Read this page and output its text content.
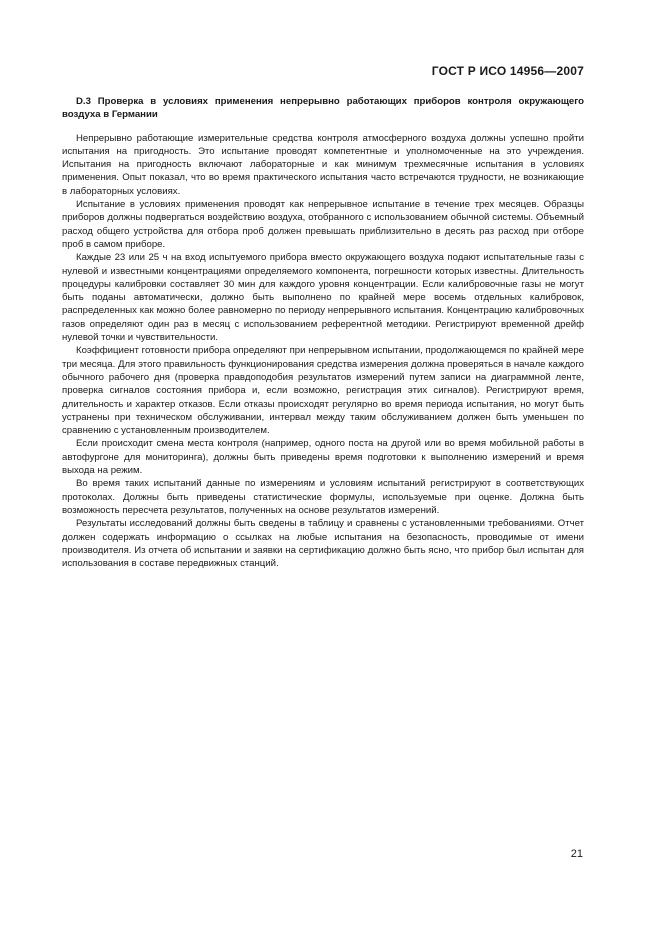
ГОСТ Р ИСО 14956—2007

D.3 Проверка в условиях применения непрерывно работающих приборов контроля окружающего воздуха в Германии

Непрерывно работающие измерительные средства контроля атмосферного воздуха должны успешно пройти испытания на пригодность. Это испытание проводят компетентные и уполномоченные на это учреждения. Испытания на пригодность включают лабораторные и как минимум трехмесячные испытания в условиях применения. Опыт показал, что во время практического испытания часто встречаются трудности, не возникающие в лабораторных условиях.

Испытание в условиях применения проводят как непрерывное испытание в течение трех месяцев. Образцы приборов должны подвергаться воздействию воздуха, отобранного с использованием обычной системы. Объемный расход общего устройства для отбора проб должен превышать приблизительно в десять раз расход при отборе проб в самом приборе.

Каждые 23 или 25 ч на вход испытуемого прибора вместо окружающего воздуха подают испытательные газы с нулевой и известными концентрациями определяемого компонента, погрешности которых известны. Длительность процедуры калибровки составляет 30 мин для каждого уровня концентрации. Если калибровочные газы не могут быть поданы автоматически, должно быть выполнено по крайней мере восемь отдельных калибровок, распределенных как можно более равномерно по периоду непрерывного испытания. Концентрацию калибровочных газов определяют один раз в месяц с использованием референтной методики. Регистрируют временной дрейф нулевой точки и чувствительности.

Коэффициент готовности прибора определяют при непрерывном испытании, продолжающемся по крайней мере три месяца. Для этого правильность функционирования средства измерения должна проверяться в начале каждого обычного рабочего дня (проверка правдоподобия результатов измерений путем записи на диаграммной ленте, проверка сигналов состояния прибора и, если возможно, регистрация этих сигналов). Регистрируют время, длительность и характер отказов. Если отказы происходят регулярно во время периода испытания, но могут быть устранены при техническом обслуживании, интервал между таким обслуживанием должен быть уменьшен по сравнению с установленным производителем.

Если происходит смена места контроля (например, одного поста на другой или во время мобильной работы в автофургоне для мониторинга), должны быть приведены время подготовки к выполнению измерений и время выхода на режим.

Во время таких испытаний данные по измерениям и условиям испытаний регистрируют в соответствующих протоколах. Должны быть приведены статистические формулы, используемые при оценке. Должна быть возможность пересчета результатов, полученных на основе результатов измерений.

Результаты исследований должны быть сведены в таблицу и сравнены с установленными требованиями. Отчет должен содержать информацию о ссылках на любые испытания на безопасность, проводимые от имени производителя. Из отчета об испытании и заявки на сертификацию должно быть ясно, что прибор был испытан для использования в составе передвижных станций.

21
